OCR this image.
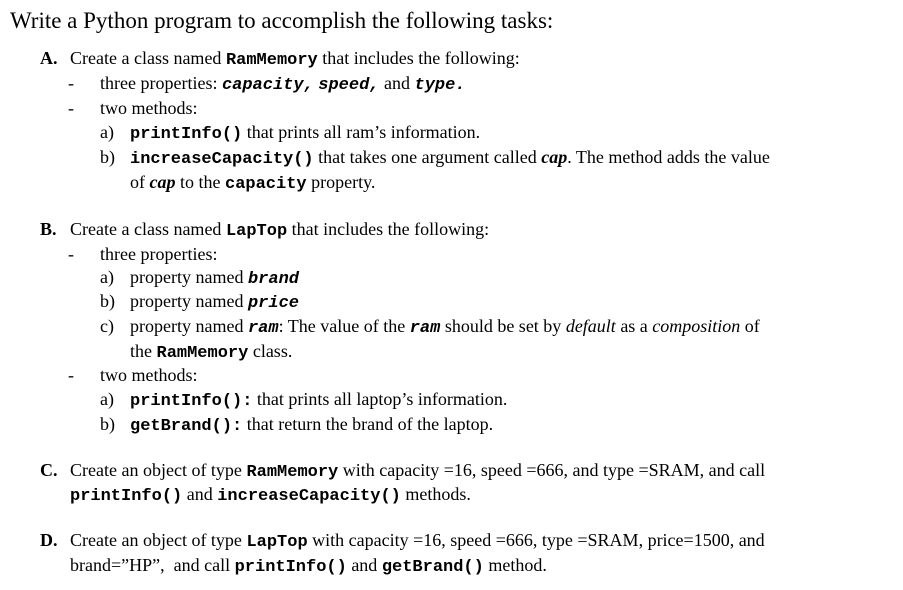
Write a Python program to accomplish the following tasks:
A. Create a class named RamMemory that includes the following:
- three properties: capacity, speed, and type.
- two methods:
a) printInfo() that prints all ram’s information.
b) increaseCapacity() that takes one argument called cap. The method adds the value
of cap to the capacity property.
B. Create a class named LapTop that includes the following:
- three properties:
a) property named brand
b) property named price
c) property named ram: The value of the ram should be set by default as a composition of
the RamMemory class.
- two methods:
a) printInfo(): that prints all laptop’s information.
b) getBrand(): that return the brand of the laptop.
C. Create an object of type RamMemory with capacity =16, speed =666, and type =SRAM, and call
printInfo() and increaseCapacity() methods.
D. Create an object of type LapTop with capacity =16, speed =666, type =SRAM, price=1500, and
brand=”HP”,  and call printInfo() and getBrand() method.
